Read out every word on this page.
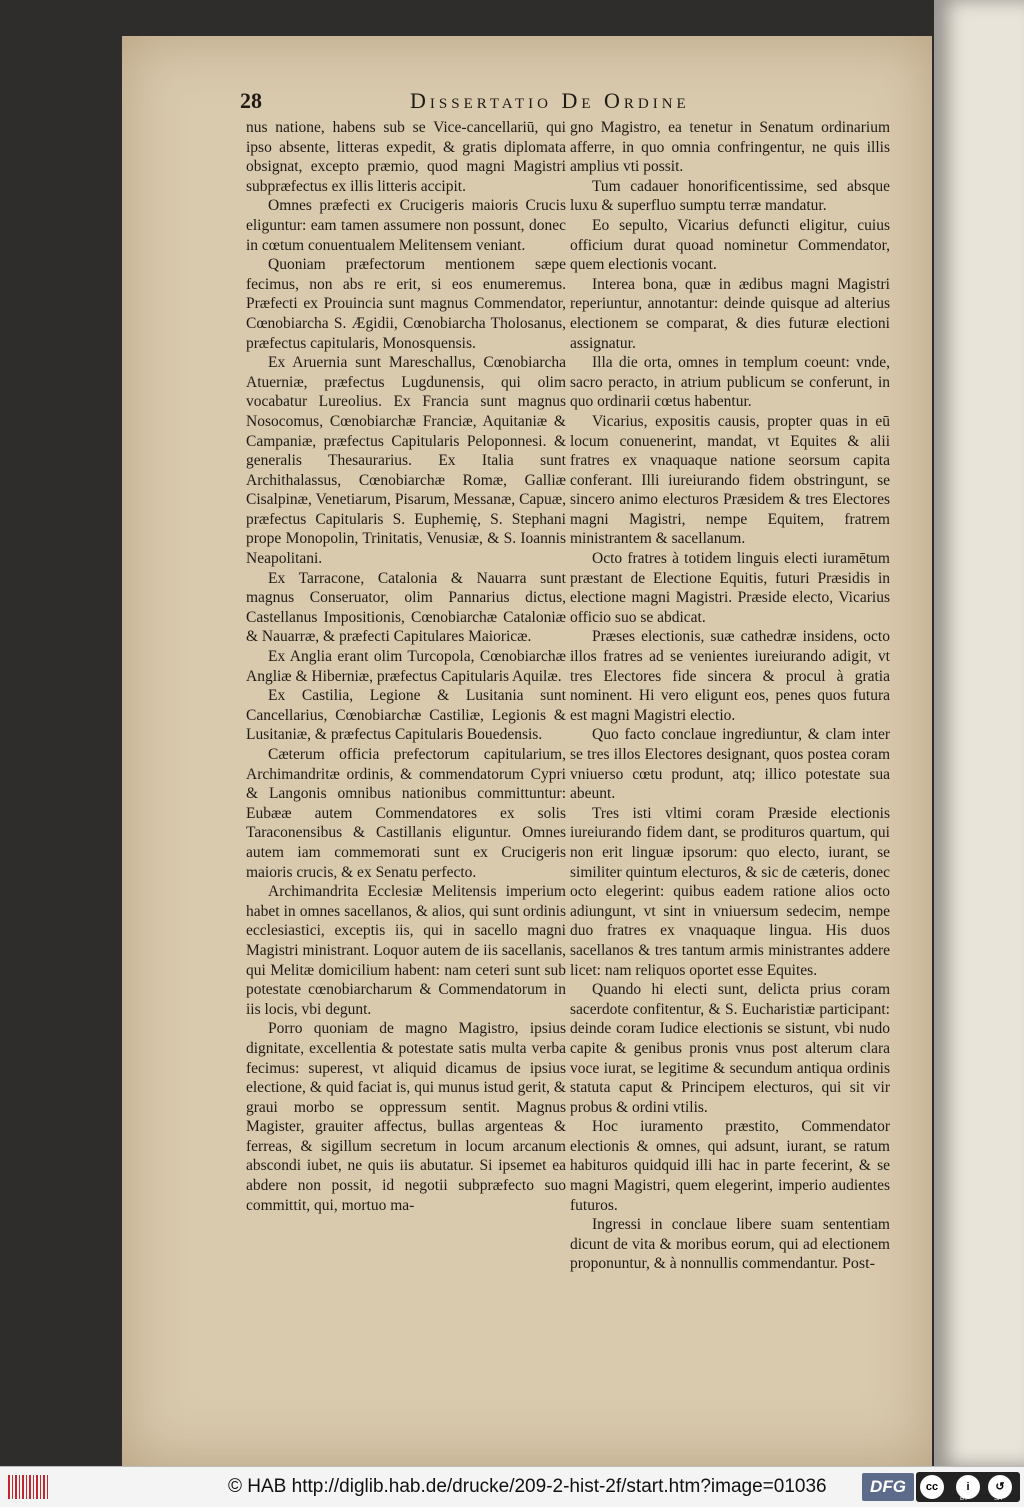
28	Dissertatio De Ordine

nus natione, habens sub se Vice-cancellariū, qui ipso absente, litteras expedit, & gratis diplomata obsignat, excepto præmio, quod magni Magistri subpræfectus ex illis litteris accipit.

Omnes præfecti ex Crucigeris maioris Crucis eliguntur: eam tamen assumere non possunt, donec in cœtum conuentualem Melitensem veniant.

Quoniam præfectorum mentionem sæpe fecimus, non abs re erit, si eos enumeremus. Præfecti ex Prouincia sunt magnus Commendator, Cœnobiarcha S. Ægidii, Cœnobiarcha Tholosanus, præfectus capitularis, Monosquensis.

Ex Aruernia sunt Mareschallus, Cœnobiarcha Atuerniæ, præfectus Lugdunensis, qui olim vocabatur Lureolius. Ex Francia sunt magnus Nosocomus, Cœnobiarchæ Franciæ, Aquitaniæ & Campaniæ, præfectus Capitularis Peloponnesi. & generalis Thesaurarius. Ex Italia sunt Archithalassus, Cœnobiarchæ Romæ, Galliæ Cisalpinæ, Venetiarum, Pisarum, Messanæ, Capuæ, præfectus Capitularis S. Euphemię, S. Stephani prope Monopolin, Trinitatis, Venusiæ, & S. Ioannis Neapolitani.

Ex Tarracone, Catalonia & Nauarra sunt magnus Conseruator, olim Pannarius dictus, Castellanus Impositionis, Cœnobiarchæ Cataloniæ & Nauarræ, & præfecti Capitulares Maioricæ.

Ex Anglia erant olim Turcopola, Cœnobiarchæ Angliæ & Hiberniæ, præfectus Capitularis Aquilæ.

Ex Castilia, Legione & Lusitania sunt Cancellarius, Cœnobiarchæ Castiliæ, Legionis & Lusitaniæ, & præfectus Capitularis Bouedensis.

Cæterum officia prefectorum capitularium, Archimandritæ ordinis, & commendatorum Cypri & Langonis omnibus nationibus committuntur: Eubææ autem Commendatores ex solis Taraconensibus & Castillanis eliguntur. Omnes autem iam commemorati sunt ex Crucigeris maioris crucis, & ex Senatu perfecto.

Archimandrita Ecclesiæ Melitensis imperium habet in omnes sacellanos, & alios, qui sunt ordinis ecclesiastici, exceptis iis, qui in sacello magni Magistri ministrant. Loquor autem de iis sacellanis, qui Melitæ domicilium habent: nam ceteri sunt sub potestate cœnobiarcharum & Commendatorum in iis locis, vbi degunt.

Porro quoniam de magno Magistro, ipsius dignitate, excellentia & potestate satis multa verba fecimus: superest, vt aliquid dicamus de ipsius electione, & quid faciat is, qui munus istud gerit, & graui morbo se oppressum sentit. Magnus Magister, grauiter affectus, bullas argenteas & ferreas, & sigillum secretum in locum arcanum abscondi iubet, ne quis iis abutatur. Si ipsemet ea abdere non possit, id negotii subpræfecto suo committit, qui, mortuo ma-

gno Magistro, ea tenetur in Senatum ordinarium afferre, in quo omnia confringentur, ne quis illis amplius vti possit.

Tum cadauer honorificentissime, sed absque luxu & superfluo sumptu terræ mandatur.

Eo sepulto, Vicarius defuncti eligitur, cuius officium durat quoad nominetur Commendator, quem electionis vocant.

Interea bona, quæ in ædibus magni Magistri reperiuntur, annotantur: deinde quisque ad alterius electionem se comparat, & dies futuræ electioni assignatur.

Illa die orta, omnes in templum coeunt: vnde, sacro peracto, in atrium publicum se conferunt, in quo ordinarii cœtus habentur.

Vicarius, expositis causis, propter quas in eū locum conuenerint, mandat, vt Equites & alii fratres ex vnaquaque natione seorsum capita conferant. Illi iureiurando fidem obstringunt, se sincero animo electuros Præsidem & tres Electores magni Magistri, nempe Equitem, fratrem ministrantem & sacellanum.

Octo fratres à totidem linguis electi iuramētum præstant de Electione Equitis, futuri Præsidis in electione magni Magistri. Præside electo, Vicarius officio suo se abdicat.

Præses electionis, suæ cathedræ insidens, octo illos fratres ad se venientes iureiurando adigit, vt tres Electores fide sincera & procul à gratia nominent. Hi vero eligunt eos, penes quos futura est magni Magistri electio.

Quo facto conclaue ingrediuntur, & clam inter se tres illos Electores designant, quos postea coram vniuerso cœtu produnt, atq; illico potestate sua abeunt.

Tres isti vltimi coram Præside electionis iureiurando fidem dant, se prodituros quartum, qui non erit linguæ ipsorum: quo electo, iurant, se similiter quintum electuros, & sic de cæteris, donec octo elegerint: quibus eadem ratione alios octo adiungunt, vt sint in vniuersum sedecim, nempe duo fratres ex vnaquaque lingua. His duos sacellanos & tres tantum armis ministrantes addere licet: nam reliquos oportet esse Equites.

Quando hi electi sunt, delicta prius coram sacerdote confitentur, & S. Eucharistiæ participant: deinde coram Iudice electionis se sistunt, vbi nudo capite & genibus pronis vnus post alterum clara voce iurat, se legitime & secundum antiqua ordinis statuta caput & Principem electuros, qui sit vir probus & ordini vtilis.

Hoc iuramento præstito, Commendator electionis & omnes, qui adsunt, iurant, se ratum habituros quidquid illi hac in parte fecerint, & se magni Magistri, quem elegerint, imperio audientes futuros.

Ingressi in conclaue libere suam sententiam dicunt de vita & moribus eorum, qui ad electionem proponuntur, & à nonnullis commendantur. Post-
© HAB http://diglib.hab.de/drucke/209-2-hist-2f/start.htm?image=01036	DFG	cc	i	↺
BY	SA
